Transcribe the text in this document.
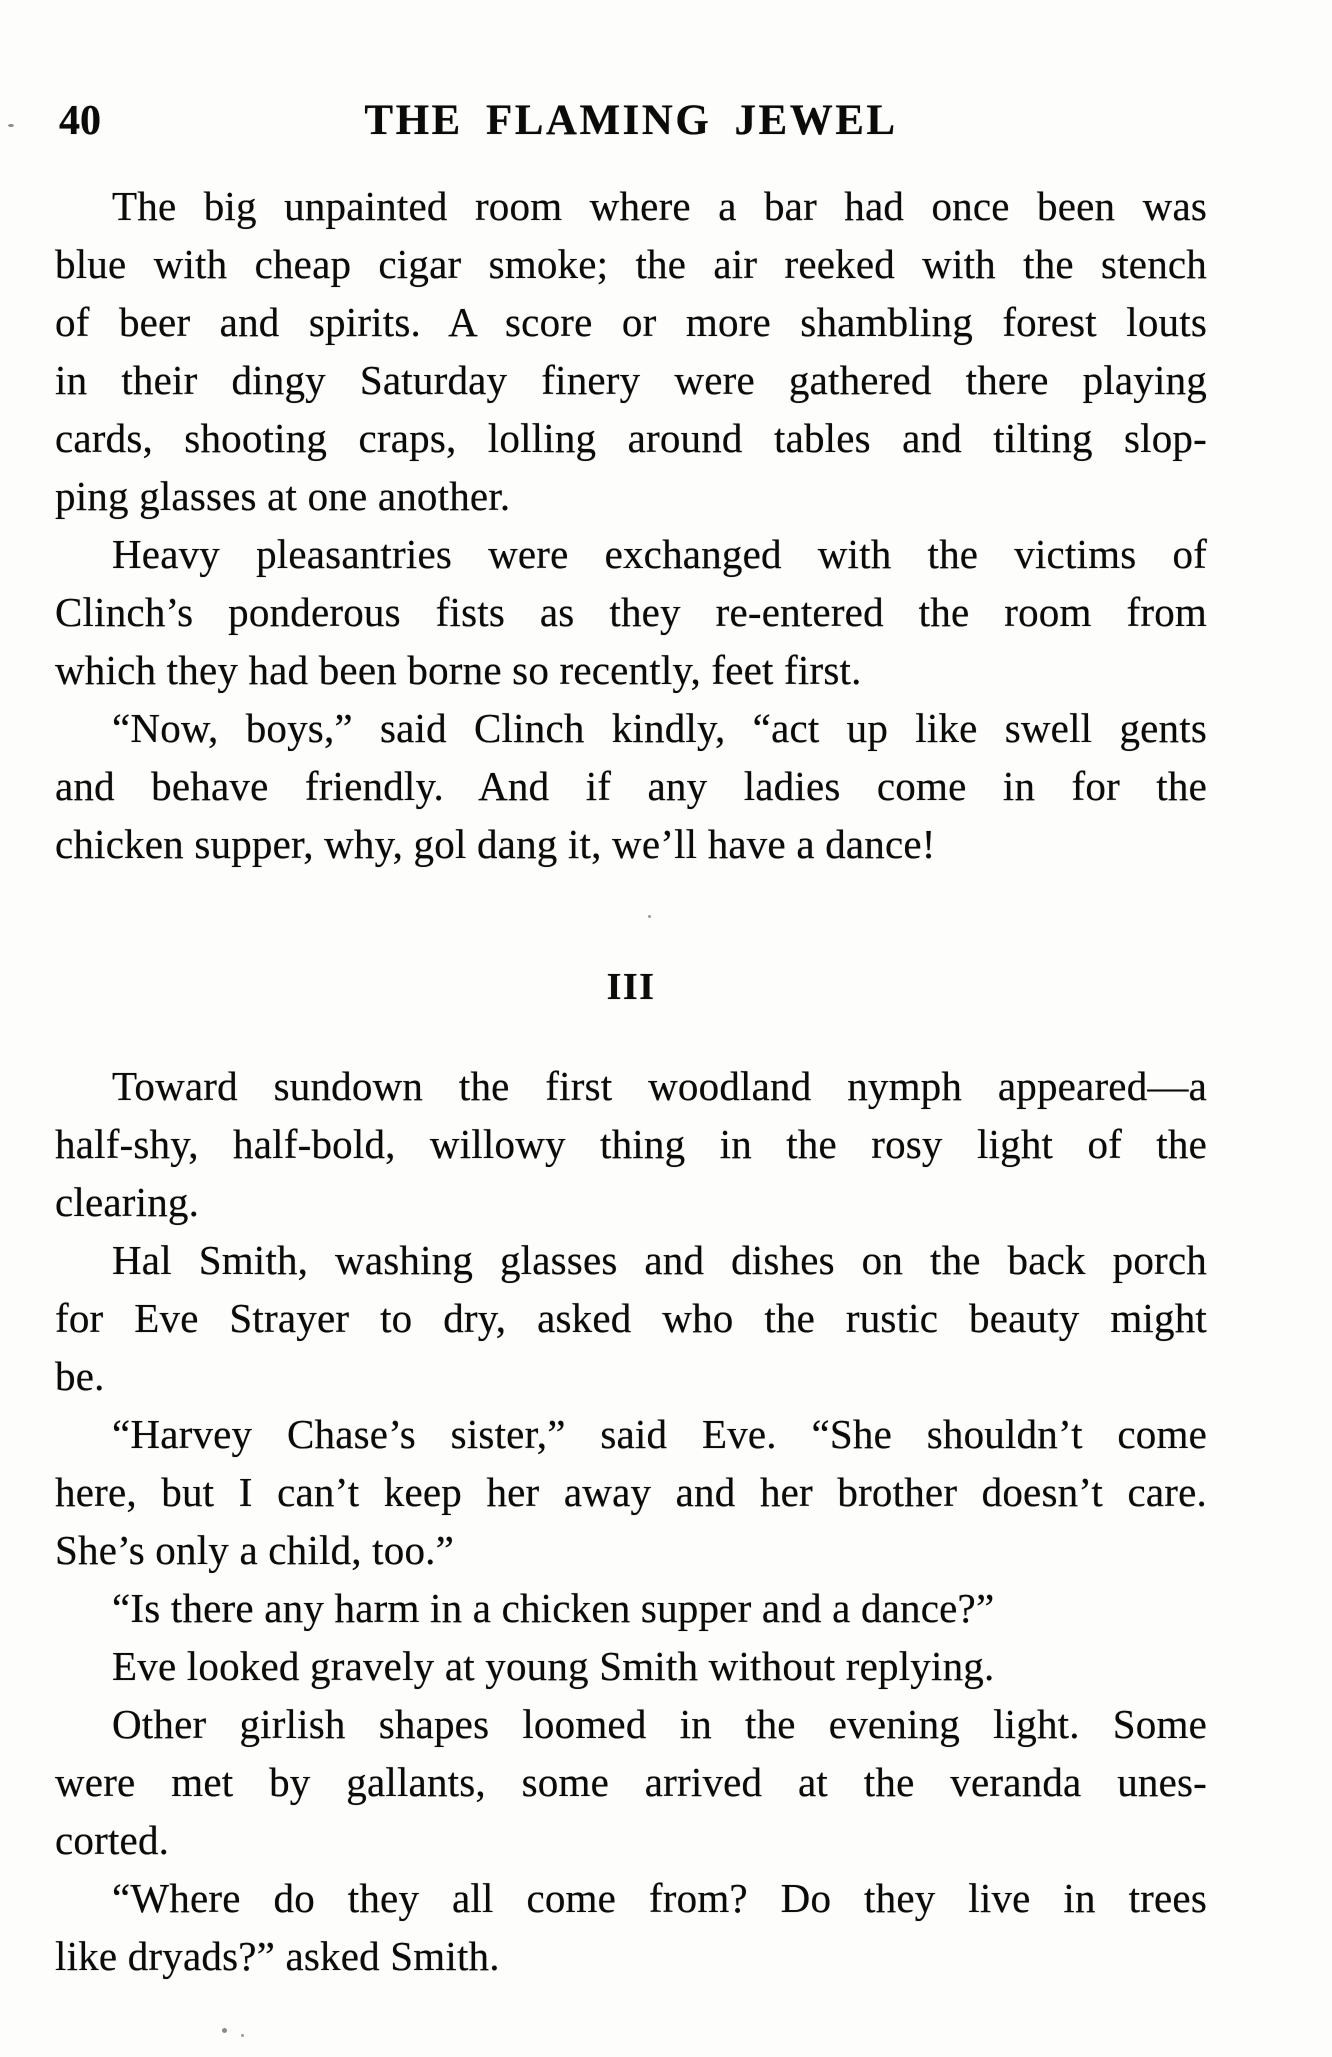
40	THE FLAMING JEWEL

The big unpainted room where a bar had once been was
blue with cheap cigar smoke; the air reeked with the stench
of beer and spirits. A score or more shambling forest louts
in their dingy Saturday finery were gathered there playing
cards, shooting craps, lolling around tables and tilting slop-
ping glasses at one another.

Heavy pleasantries were exchanged with the victims of
Clinch’s ponderous fists as they re-entered the room from
which they had been borne so recently, feet first.

“Now, boys,” said Clinch kindly, “act up like swell gents
and behave friendly. And if any ladies come in for the
chicken supper, why, gol dang it, we’ll have a dance!

III

Toward sundown the first woodland nymph appeared—a
half-shy, half-bold, willowy thing in the rosy light of the
clearing.

Hal Smith, washing glasses and dishes on the back porch
for Eve Strayer to dry, asked who the rustic beauty might
be.

“Harvey Chase’s sister,” said Eve. “She shouldn’t come
here, but I can’t keep her away and her brother doesn’t care.
She’s only a child, too.”

“Is there any harm in a chicken supper and a dance?”

Eve looked gravely at young Smith without replying.

Other girlish shapes loomed in the evening light. Some
were met by gallants, some arrived at the veranda unes-
corted.

“Where do they all come from? Do they live in trees
like dryads?” asked Smith.
